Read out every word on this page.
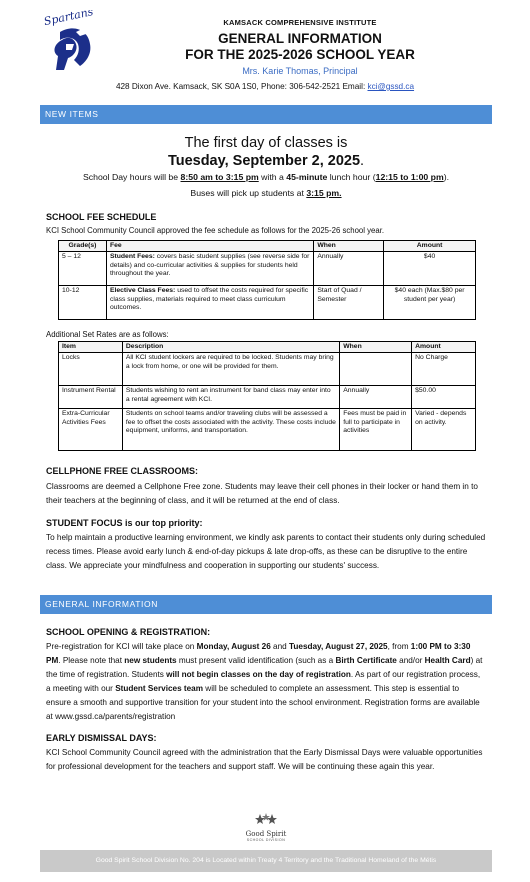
Spartans	KAMSACK COMPREHENSIVE INSTITUTE
GENERAL INFORMATION
FOR THE 2025-2026 SCHOOL YEAR
Mrs. Karie Thomas, Principal
428 Dixon Ave. Kamsack, SK S0A 1S0, Phone: 306-542-2521 Email: kci@gssd.ca
NEW ITEMS
The first day of classes is
Tuesday, September 2, 2025.
School Day hours will be 8:50 am to 3:15 pm with a 45-minute lunch hour (12:15 to 1:00 pm).
Buses will pick up students at 3:15 pm.
SCHOOL FEE SCHEDULE
KCI School Community Council approved the fee schedule as follows for the 2025-26 school year.
Grade(s)	Fee	When	Amount
5 – 12	Student Fees: covers basic student supplies (see reverse side for details) and co-curricular activities & supplies for students held throughout the year.	Annually	$40
10-12	Elective Class Fees: used to offset the costs required for specific class supplies, materials required to meet class curriculum outcomes.	Start of Quad / Semester	$40 each (Max.$80 per student per year)
Additional Set Rates are as follows:
Item	Description	When	Amount
Locks	All KCI student lockers are required to be locked. Students may bring a lock from home, or one will be provided for them.		No Charge
Instrument Rental	Students wishing to rent an instrument for band class may enter into a rental agreement with KCI.	Annually	$50.00
Extra-Curricular Activities Fees	Students on school teams and/or traveling clubs will be assessed a fee to offset the costs associated with the activity. These costs include equipment, uniforms, and transportation.	Fees must be paid in full to participate in activities	Varied - depends on activity.
CELLPHONE FREE CLASSROOMS:
Classrooms are deemed a Cellphone Free zone. Students may leave their cell phones in their locker or hand them in to their teachers at the beginning of class, and it will be returned at the end of class.
STUDENT FOCUS is our top priority:
To help maintain a productive learning environment, we kindly ask parents to contact their students only during scheduled recess times. Please avoid early lunch & end-of-day pickups & late drop-offs, as these can be disruptive to the entire class. We appreciate your mindfulness and cooperation in supporting our students' success.
GENERAL INFORMATION
SCHOOL OPENING & REGISTRATION:
Pre-registration for KCI will take place on Monday, August 26 and Tuesday, August 27, 2025, from 1:00 PM to 3:30 PM. Please note that new students must present valid identification (such as a Birth Certificate and/or Health Card) at the time of registration. Students will not begin classes on the day of registration. As part of our registration process, a meeting with our Student Services team will be scheduled to complete an assessment. This step is essential to ensure a smooth and supportive transition for your student into the school environment. Registration forms are available at www.gssd.ca/parents/registration
EARLY DISMISSAL DAYS:
KCI School Community Council agreed with the administration that the Early Dismissal Days were valuable opportunities for professional development for the teachers and support staff. We will be continuing these again this year.
Good Spirit
SCHOOL DIVISION
Good Spirit School Division No. 204 is Located within Treaty 4 Territory and the Traditional Homeland of the Métis
